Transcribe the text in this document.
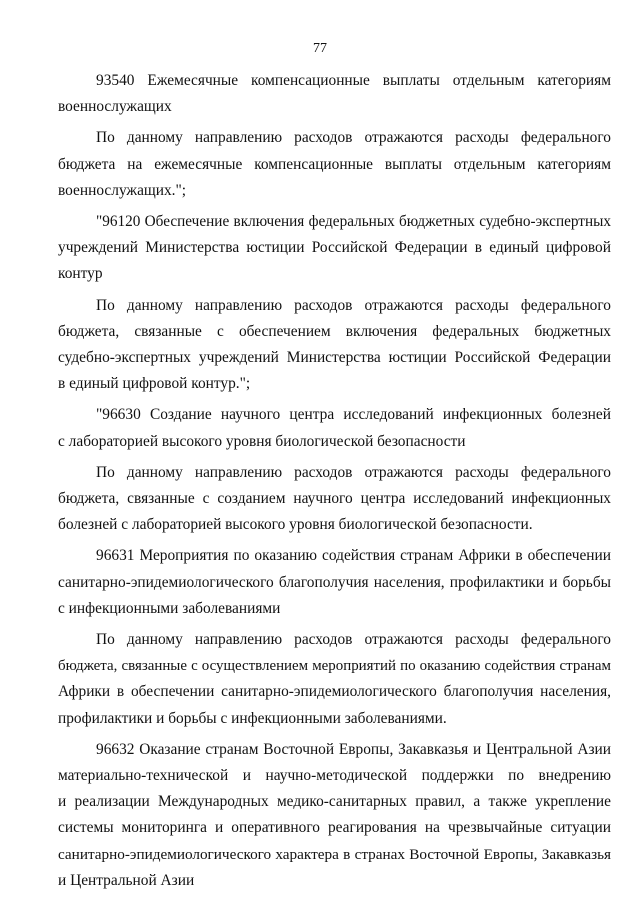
77
93540 Ежемесячные компенсационные выплаты отдельным категориям
военнослужащих
По данному направлению расходов отражаются расходы федерального
бюджета на ежемесячные компенсационные выплаты отдельным категориям
военнослужащих.";
"96120 Обеспечение включения федеральных бюджетных судебно-экспертных
учреждений Министерства юстиции Российской Федерации в единый цифровой
контур
По данному направлению расходов отражаются расходы федерального
бюджета, связанные с обеспечением включения федеральных бюджетных
судебно-экспертных учреждений Министерства юстиции Российской Федерации
в единый цифровой контур.";
"96630 Создание научного центра исследований инфекционных болезней
с лабораторией высокого уровня биологической безопасности
По данному направлению расходов отражаются расходы федерального
бюджета, связанные с созданием научного центра исследований инфекционных
болезней с лабораторией высокого уровня биологической безопасности.
96631 Мероприятия по оказанию содействия странам Африки в обеспечении
санитарно-эпидемиологического благополучия населения, профилактики и борьбы
с инфекционными заболеваниями
По данному направлению расходов отражаются расходы федерального
бюджета, связанные с осуществлением мероприятий по оказанию содействия странам
Африки в обеспечении санитарно-эпидемиологического благополучия населения,
профилактики и борьбы с инфекционными заболеваниями.
96632 Оказание странам Восточной Европы, Закавказья и Центральной Азии
материально-технической и научно-методической поддержки по внедрению
и реализации Международных медико-санитарных правил, а также укрепление
системы мониторинга и оперативного реагирования на чрезвычайные ситуации
санитарно-эпидемиологического характера в странах Восточной Европы, Закавказья
и Центральной Азии
